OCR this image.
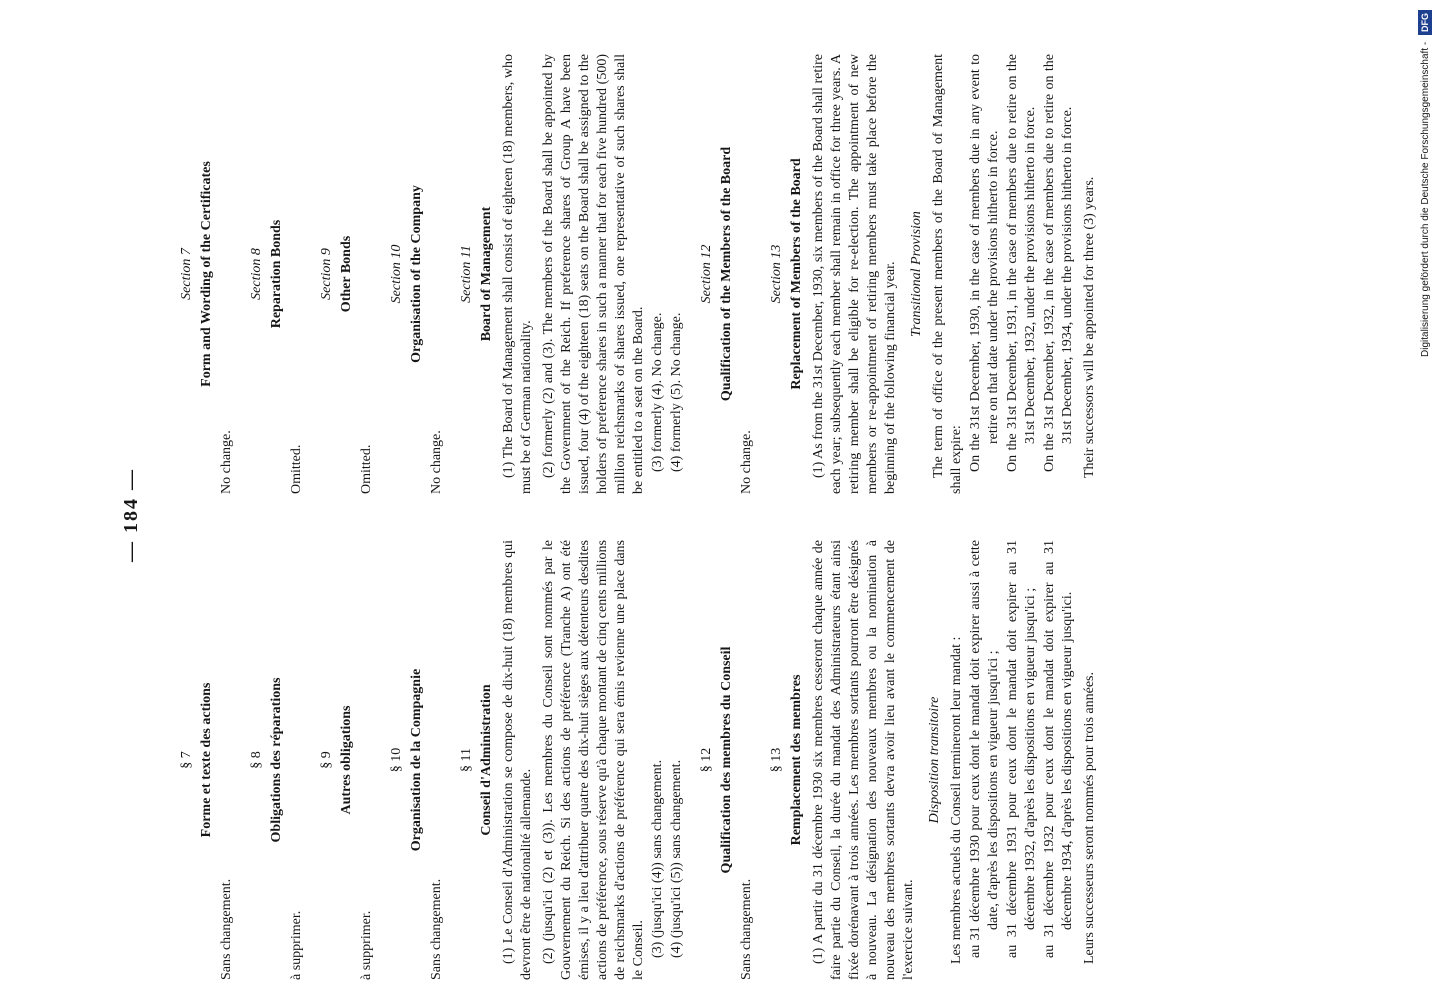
— 184 —
§ 7 Forme et texte des actions
Sans changement.
§ 8 Obligations des réparations
à supprimer.
§ 9 Autres obligations
à supprimer.
§ 10 Organisation de la Compagnie
Sans changement.
§ 11 Conseil d'Administration (1) Le Conseil d'Administration se compose de dix-huit (18) membres qui devront être de nationalité allemande. (2) (jusqu'ici (2) et (3)). Les membres du Conseil sont nommés par le Gouvernement du Reich. Si des actions de préférence (Tranche A) ont été émises, il y a lieu d'attribuer quatre des dix-huit sièges aux détenteurs desdites actions de préférence, sous réserve qu'à chaque montant de cinq cents millions de reichsmarks d'actions de préférence qui sera émis revienne une place dans le Conseil. (3) (jusqu'ici (4)) sans changement. (4) (jusqu'ici (5)) sans changement. § 12 Qualification des membres du Conseil
Sans changement.
§ 13 Remplacement des membres (1) A partir du 31 décembre 1930 six membres cesseront chaque année de faire partie du Conseil, la durée du mandat des Administrateurs étant ainsi fixée dorénavant à trois années. Les membres sortants pourront être désignés à nouveau. La désignation des nouveaux membres ou la nomination à nouveau des membres sortants devra avoir lieu avant le commencement de l'exercice suivant.
Disposition transitoire Les membres actuels du Conseil termineront leur mandat : au 31 décembre 1930 pour ceux dont le mandat doit expirer aussi à cette date, d'après les dispositions en vigueur jusqu'ici ; au 31 décembre 1931 pour ceux dont le mandat doit expirer au 31 décembre 1932, d'après les dispositions en vigueur jusqu'ici ; au 31 décembre 1932 pour ceux dont le mandat doit expirer au 31 décembre 1934, d'après les dispositions en vigueur jusqu'ici. Leurs successeurs seront nommés pour trois années.
Section 7 Form and Wording of the Certificates
No change.
Section 8 Reparation Bonds
Omitted.
Section 9 Other Bonds
Omitted.
Section 10 Organisation of the Company
No change.
Section 11 Board of Management (1) The Board of Management shall consist of eighteen (18) members, who must be of German nationality. (2) formerly (2) and (3). The members of the Board shall be appointed by the Government of the Reich. If preference shares of Group A have been issued, four (4) of the eighteen (18) seats on the Board shall be assigned to the holders of preference shares in such a manner that for each five hundred (500) million reichsmarks of shares issued, one representative of such shares shall be entitled to a seat on the Board. (3) formerly (4). No change. (4) formerly (5). No change.
Section 12 Qualification of the Members of the Board
No change.
Section 13 Replacement of Members of the Board (1) As from the 31st December, 1930, six members of the Board shall retire each year; subsequently each member shall remain in office for three years. A retiring member shall be eligible for re-election. The appointment of new members or re-appointment of retiring members must take place before the beginning of the following financial year. Transitional Provision The term of office of the present members of the Board of Management shall expire: On the 31st December, 1930, in the case of members due in any event to retire on that date under the provisions hitherto in force. On the 31st December, 1931, in the case of members due to retire on the 31st December, 1932, under the provisions hitherto in force. On the 31st December, 1932, in the case of members due to retire on the 31st December, 1934, under the provisions hitherto in force. Their successors will be appointed for three (3) years.	Digitalisierung gefördert durch die Deutsche Forschungsgemeinschaft - DFG
